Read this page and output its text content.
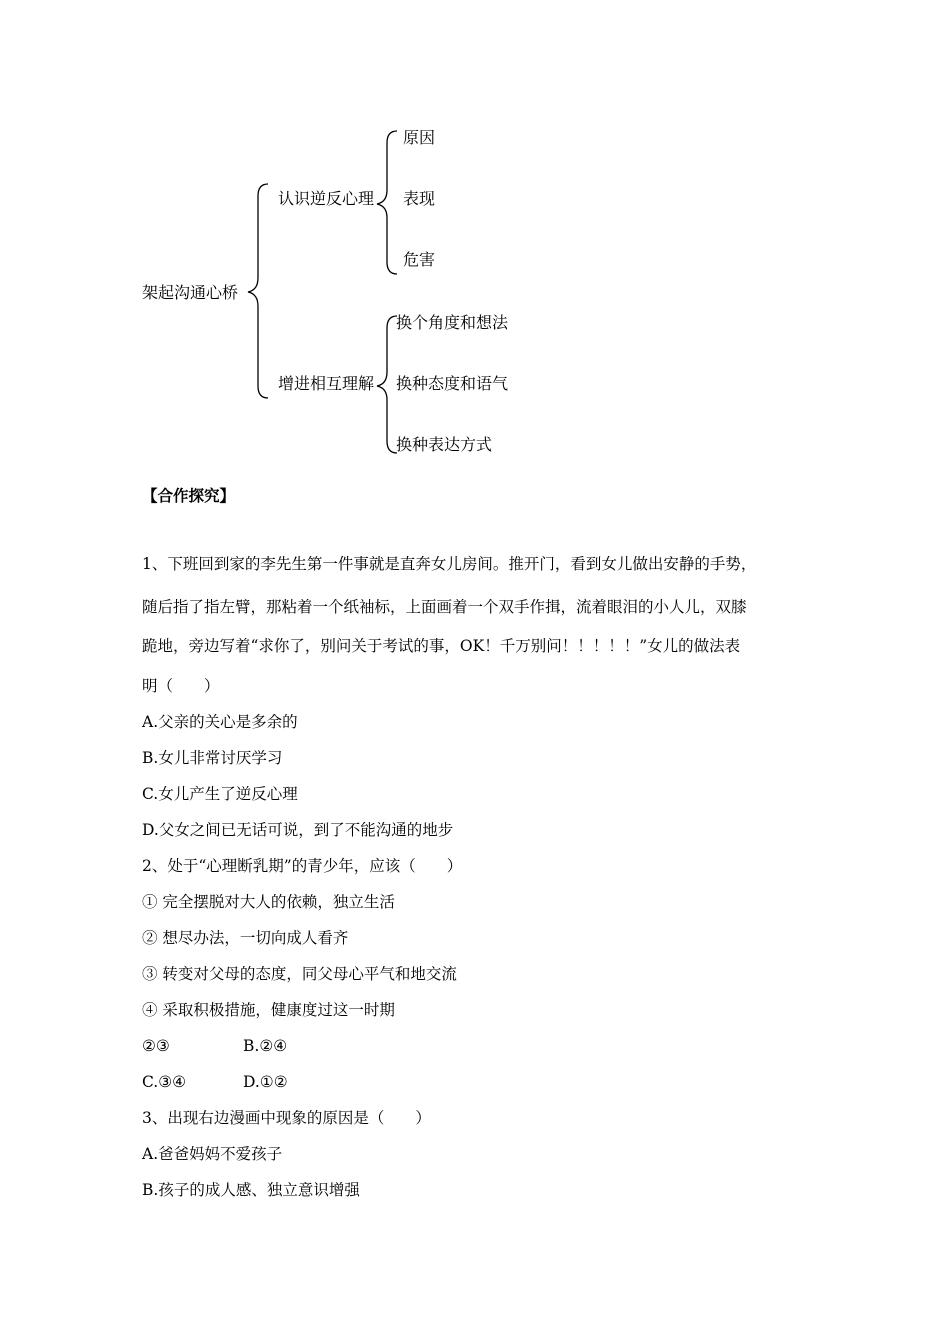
架起沟通心桥
认识逆反心理
原因
表现
危害
增进相互理解
换个角度和想法
换种态度和语气
换种表达方式
【合作探究】
1、下班回到家的李先生第一件事就是直奔女儿房间。推开门，看到女儿做出安静的手势，
随后指了指左臂，那粘着一个纸袖标，上面画着一个双手作揖，流着眼泪的小人儿，双膝
跪地，旁边写着“求你了，别问关于考试的事，OK！千万别问！！！！！”女儿的做法表
明（　　）
A.父亲的关心是多余的
B.女儿非常讨厌学习
C.女儿产生了逆反心理
D.父女之间已无话可说，到了不能沟通的地步
2、处于“心理断乳期”的青少年，应该（　　）
① 完全摆脱对大人的依赖，独立生活
② 想尽办法，一切向成人看齐
③ 转变对父母的态度，同父母心平气和地交流
④ 采取积极措施，健康度过这一时期
②③	B.②④
C.③④	D.①②
3、出现右边漫画中现象的原因是（　　）
A.爸爸妈妈不爱孩子
B.孩子的成人感、独立意识增强
